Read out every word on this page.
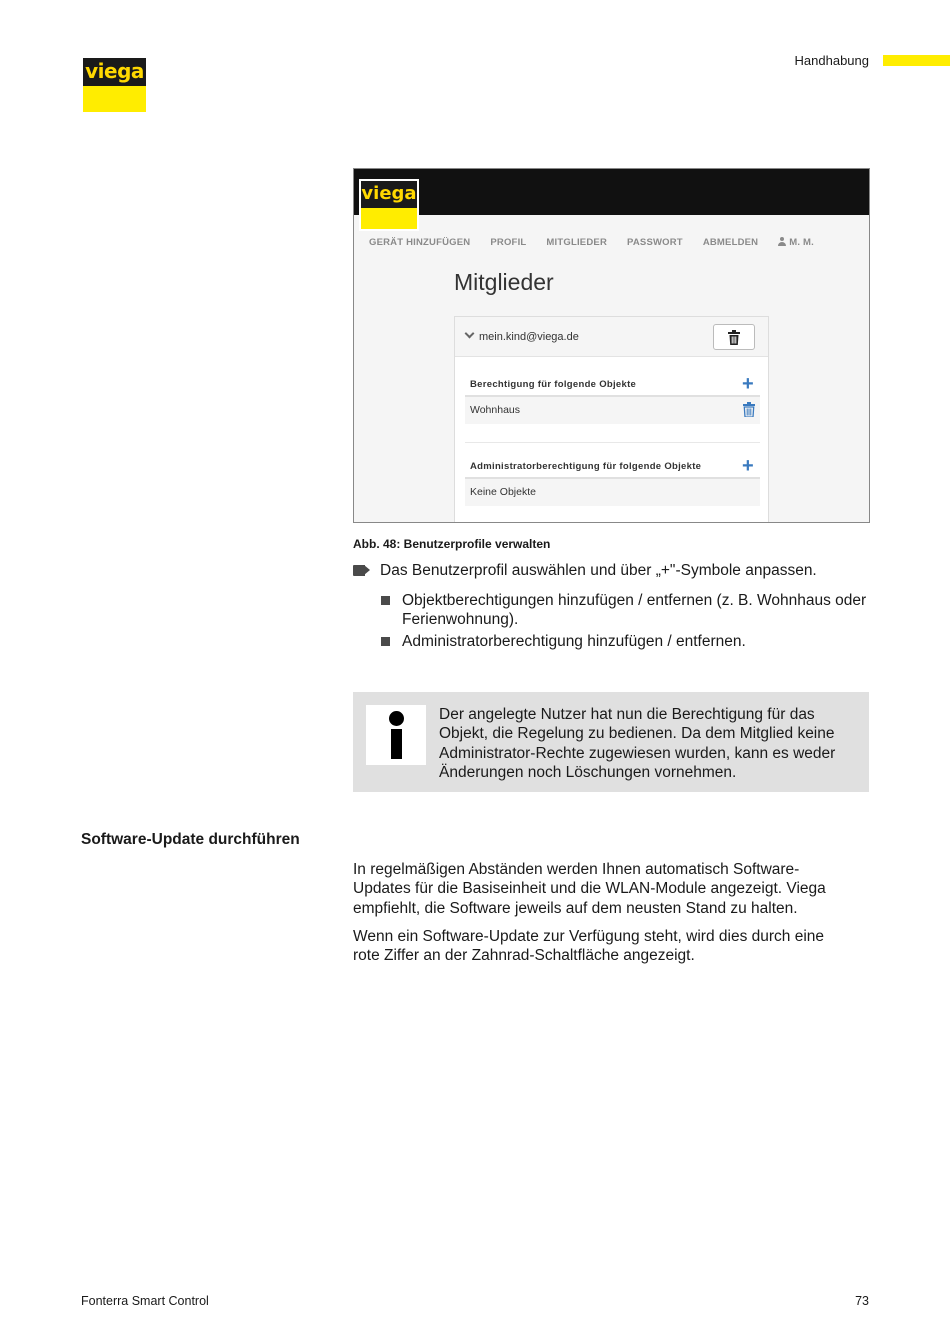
viega	Handhabung
viega
GERÄT HINZUFÜGEN PROFIL MITGLIEDER PASSWORT ABMELDEN	M. M.
Mitglieder
mein.kind@viega.de
Berechtigung für folgende Objekte	+
Wohnhaus
Administratorberechtigung für folgende Objekte +
Keine Objekte
Abb. 48: Benutzerprofile verwalten
Das Benutzerprofil auswählen und über „+"-Symbole anpassen.
Objektberechtigungen hinzufügen / entfernen (z. B. Wohnhaus oder Ferienwohnung).
Administratorberechtigung hinzufügen / entfernen.
Der angelegte Nutzer hat nun die Berechtigung für das Objekt, die Regelung zu bedienen. Da dem Mitglied keine Administrator-Rechte zugewiesen wurden, kann es weder Änderungen noch Löschungen vornehmen.
Software-Update durchführen

In regelmäßigen Abständen werden Ihnen automatisch Software-Updates für die Basiseinheit und die WLAN-Module angezeigt. Viega empfiehlt, die Software jeweils auf dem neusten Stand zu halten.

Wenn ein Software-Update zur Verfügung steht, wird dies durch eine rote Ziffer an der Zahnrad-Schaltfläche angezeigt.

Fonterra Smart Control	73
